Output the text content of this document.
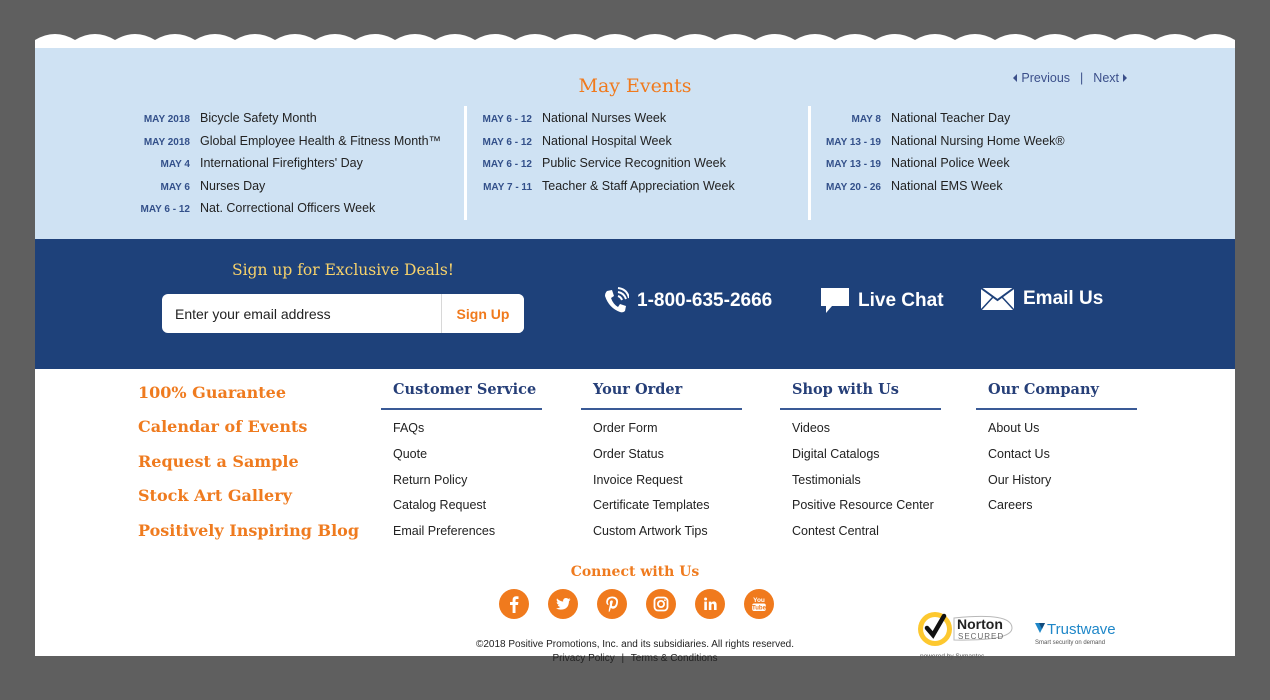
May Events	Previous | Next
MAY 2018 Bicycle Safety Month
MAY 2018 Global Employee Health & Fitness Month™
MAY 4 International Firefighters' Day
MAY 6 Nurses Day
MAY 6 - 12 Nat. Correctional Officers Week
MAY 6 - 12 National Nurses Week
MAY 6 - 12 National Hospital Week
MAY 6 - 12 Public Service Recognition Week
MAY 7 - 11 Teacher & Staff Appreciation Week
MAY 8 National Teacher Day
MAY 13 - 19 National Nursing Home Week®
MAY 13 - 19 National Police Week
MAY 20 - 26 National EMS Week
Sign up for Exclusive Deals!
Enter your email address
Sign Up
1-800-635-2666	Live Chat	Email Us
100% Guarantee
Calendar of Events
Request a Sample
Stock Art Gallery
Positively Inspiring Blog
Customer Service
FAQs
Quote
Return Policy
Catalog Request
Email Preferences
Your Order
Order Form
Order Status
Invoice Request
Certificate Templates
Custom Artwork Tips
Shop with Us
Videos
Digital Catalogs
Testimonials
Positive Resource Center
Contest Central
Our Company
About Us
Contact Us
Our History
Careers
Connect with Us
You
Tube
©2018 Positive Promotions, Inc. and its subsidiaries. All rights reserved.
Privacy Policy | Terms & Conditions
Norton
SECURED
powered by Symantec
Trustwave
Smart security on demand
